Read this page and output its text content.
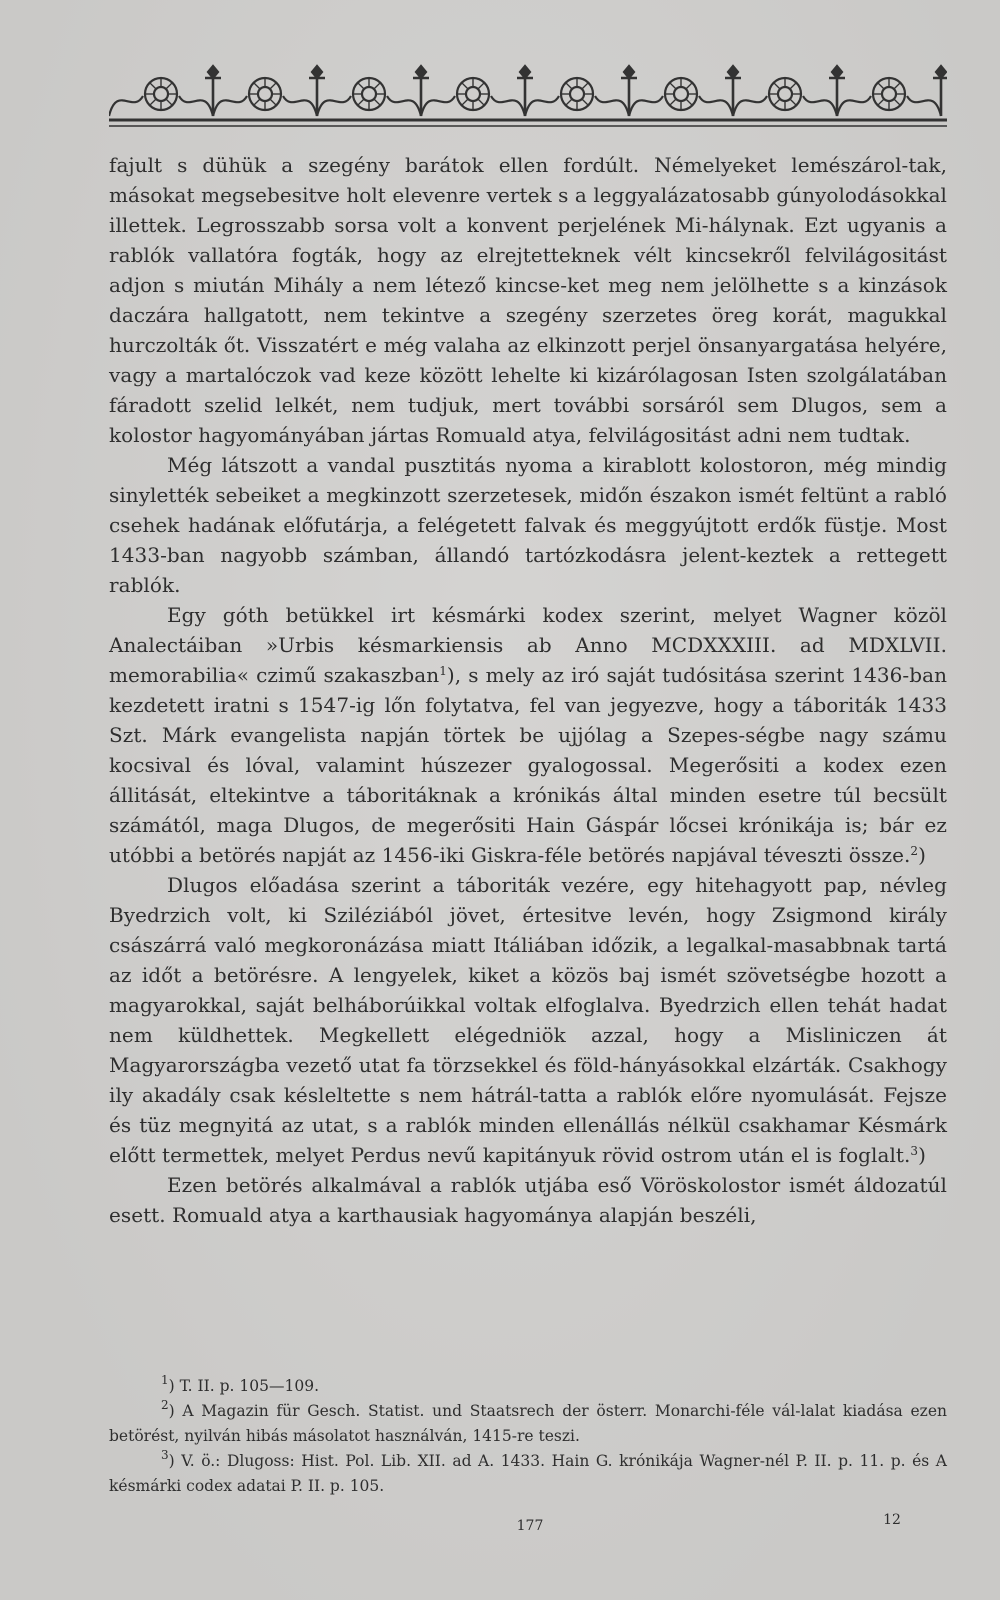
fajult s dühük a szegény barátok ellen fordúlt. Némelyeket lemészárol-tak, másokat megsebesitve holt elevenre vertek s a leggyalázatosabb gúnyolodásokkal illettek. Legrosszabb sorsa volt a konvent perjelének Mi-hálynak. Ezt ugyanis a rablók vallatóra fogták, hogy az elrejtetteknek vélt kincsekről felvilágositást adjon s miután Mihály a nem létező kincse-ket meg nem jelölhette s a kinzások daczára hallgatott, nem tekintve a szegény szerzetes öreg korát, magukkal hurczolták őt. Visszatért e még valaha az elkinzott perjel önsanyargatása helyére, vagy a martalóczok vad keze között lehelte ki kizárólagosan Isten szolgálatában fáradott szelid lelkét, nem tudjuk, mert további sorsáról sem Dlugos, sem a kolostor hagyományában jártas Romuald atya, felvilágositást adni nem tudtak.

Még látszott a vandal pusztitás nyoma a kirablott kolostoron, még mindig sinylették sebeiket a megkinzott szerzetesek, midőn északon ismét feltünt a rabló csehek hadának előfutárja, a felégetett falvak és meggyújtott erdők füstje. Most 1433-ban nagyobb számban, állandó tartózkodásra jelent-keztek a rettegett rablók.

Egy góth betükkel irt késmárki kodex szerint, melyet Wagner közöl Analectáiban »Urbis késmarkiensis ab Anno MCDXXXIII. ad MDXLVII. memorabilia« czimű szakaszban$^1$), s mely az iró saját tudósitása szerint 1436-ban kezdetett iratni s 1547-ig lőn folytatva, fel van jegyezve, hogy a táboriták 1433 Szt. Márk evangelista napján törtek be ujjólag a Szepes-ségbe nagy számu kocsival és lóval, valamint húszezer gyalogossal. Megerősiti a kodex ezen állitását, eltekintve a táboritáknak a krónikás által minden esetre túl becsült számától, maga Dlugos, de megerősiti Hain Gáspár lőcsei krónikája is; bár ez utóbbi a betörés napját az 1456-iki Giskra-féle betörés napjával téveszti össze.$^2$)

Dlugos előadása szerint a táboriták vezére, egy hitehagyott pap, névleg Byedrzich volt, ki Sziléziából jövet, értesitve levén, hogy Zsigmond király császárrá való megkoronázása miatt Itáliában időzik, a legalkal-masabbnak tartá az időt a betörésre. A lengyelek, kiket a közös baj ismét szövetségbe hozott a magyarokkal, saját belháborúikkal voltak elfoglalva. Byedrzich ellen tehát hadat nem küldhettek. Megkellett elégedniök azzal, hogy a Misliniczen át Magyarországba vezető utat fa törzsekkel és föld-hányásokkal elzárták. Csakhogy ily akadály csak késleltette s nem hátrál-tatta a rablók előre nyomulását. Fejsze és tüz megnyitá az utat, s a rablók minden ellenállás nélkül csakhamar Késmárk előtt termettek, melyet Perdus nevű kapitányuk rövid ostrom után el is foglalt.$^3$)

Ezen betörés alkalmával a rablók utjába eső Vöröskolostor ismét áldozatúl esett. Romuald atya a karthausiak hagyománya alapján beszéli,

$^1$) T. II. p. 105—109.

$^2$) A Magazin für Gesch. Statist. und Staatsrech der österr. Monarchi-féle vál-lalat kiadása ezen betörést, nyilván hibás másolatot használván, 1415-re teszi.

$^3$) V. ö.: Dlugoss: Hist. Pol. Lib. XII. ad A. 1433. Hain G. krónikája Wagner-nél P. II. p. 11. p. és A késmárki codex adatai P. II. p. 105.

177	12
